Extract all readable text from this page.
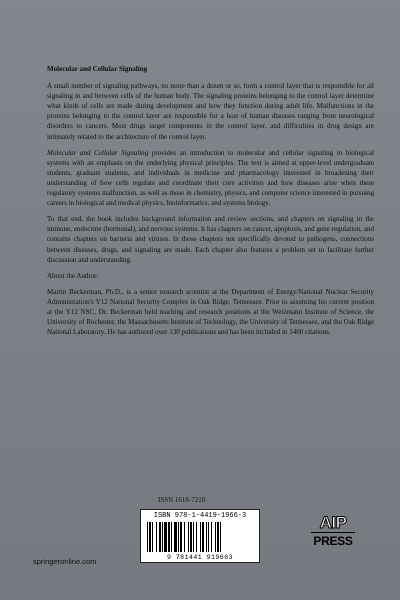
Molecular and Cellular Signaling

A small number of signaling pathways, no more than a dozen or so, form a control layer that is responsible for all signaling in and between cells of the human body. The signaling proteins belonging to the control layer determine what kinds of cells are made during development and how they function during adult life. Malfunctions in the proteins belonging to the control layer are responsible for a host of human diseases ranging from neurological disorders to cancers. Most drugs target components in the control layer, and difficulties in drug design are intimately related to the architecture of the control layer.

Molecular and Cellular Signaling provides an introduction to molecular and cellular signaling in biological systems with an emphasis on the underlying physical principles. The text is aimed at upper-level undergraduate students, graduate students, and individuals in medicine and pharmacology interested in broadening their understanding of how cells regulate and coordinate their core activities and how diseases arise when these regulatory systems malfunction, as well as those in chemistry, physics, and computer science interested in pursuing careers in biological and medical physics, bioinformatics, and systems biology.

To that end, the book includes background information and review sections, and chapters on signaling in the immune, endocrine (hormonal), and nervous systems. It has chapters on cancer, apoptosis, and gene regulation, and contains chapters on bacteria and viruses. In those chapters not specifically devoted to pathogens, connections between diseases, drugs, and signaling are made. Each chapter also features a problem set to facilitate further discussion and understanding.

About the Author:

Martin Beckerman, Ph.D., is a senior research scientist at the Department of Energy/National Nuclear Security Administration's Y12 National Security Complex in Oak Ridge, Tennessee. Prior to assuming his current position at the Y12 NSC, Dr. Beckerman held teaching and research positions at the Weizmann Institute of Science, the University of Rochester, the Massachusetts Institute of Technology, the University of Tennessee, and the Oak Ridge National Laboratory. He has authored over 130 publications and has been included in 1400 citations.

ISSN 1618-7210
ISBN 978-1-4419-1966-3
9 781441 919663
springeronline.com
AIP
PRESS
